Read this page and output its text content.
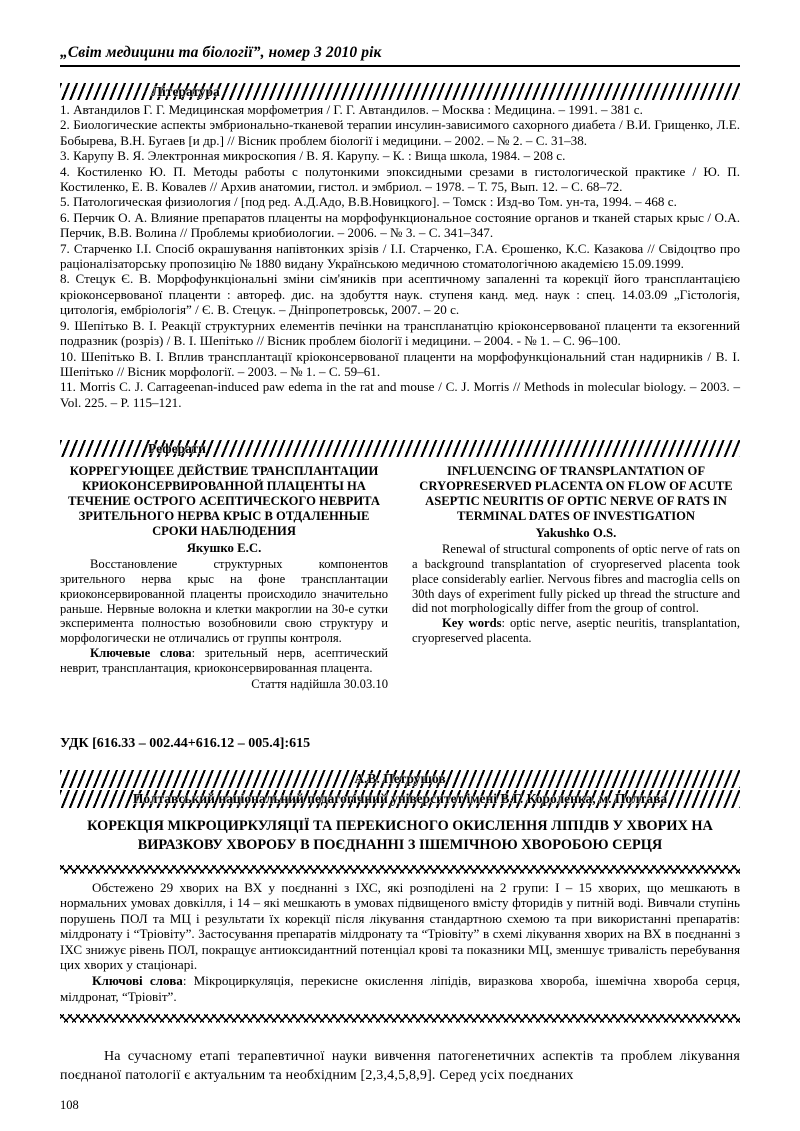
„Світ медицини та біології”, номер 3 2010 рік
Література
1. Автандилов Г. Г. Медицинская морфометрия / Г. Г. Автандилов. – Москва : Медицина. – 1991. – 381 с.
2. Биологические аспекты эмбрионально-тканевой терапии инсулин-зависимого сахорного диабета / В.И. Грищенко, Л.Е. Бобырева, В.Н. Бугаев [и др.] // Вісник проблем біології і медицини. – 2002. – № 2. – С. 31–38.
3. Карупу В. Я. Электронная микроскопия / В. Я. Карупу. – К. : Вища школа, 1984. – 208 с.
4. Костиленко Ю. П. Методы работы с полутонкими эпоксидными срезами в гистологической практике / Ю. П. Костиленко, Е. В. Ковалев // Архив анатомии, гистол. и эмбриол. – 1978. – Т. 75, Вып. 12. – С. 68–72.
5. Патологическая физиология / [под ред. А.Д.Адо, В.В.Новицкого]. – Томск : Изд-во Том. ун-та, 1994. – 468 с.
6. Перчик О. А. Влияние препаратов плаценты на морфофункциональное состояние органов и тканей старых крыс / О.А. Перчик, В.В. Волина // Проблемы криобиологии. – 2006. – № 3. – С. 341–347.
7. Старченко І.І. Спосіб окрашування напівтонких зрізів / І.І. Старченко, Г.А. Єрошенко, К.С. Казакова // Свідоцтво про раціоналізаторську пропозицію № 1880 видану Українською медичною стоматологічною академією 15.09.1999.
8. Стецук Є. В. Морфофункціональні зміни сім'яників при асептичному запаленні та корекції його трансплантацією кріоконсервованої плаценти : автореф. дис. на здобуття наук. ступеня канд. мед. наук : спец. 14.03.09 „Гістологія, цитологія, ембріологія” / Є. В. Стецук. – Дніпропетровськ, 2007. – 20 с.
9. Шепітько В. І. Реакції структурних елементів печінки на транспланатцію кріоконсервованої плаценти та екзогенний подразник (розріз) / В. І. Шепітько // Вісник проблем біології і медицини. – 2004. - № 1. – С. 96–100.
10. Шепітько В. І. Вплив трансплантації кріоконсервованої плаценти на морфофункціональний стан надирників / В. І. Шепітько // Вісник морфології. – 2003. – № 1. – С. 59–61.
11. Morris C. J. Carrageenan-induced paw edema in the rat and mouse / C. J. Morris // Methods in molecular biology. – 2003. – Vol. 225. – P. 115–121.
Реферати
КОРРЕГУЮЩЕЕ ДЕЙСТВИЕ ТРАНСПЛАНТАЦИИ КРИОКОНСЕРВИРОВАННОЙ ПЛАЦЕНТЫ НА ТЕЧЕНИЕ ОСТРОГО АСЕПТИЧЕСКОГО НЕВРИТА ЗРИТЕЛЬНОГО НЕРВА КРЫС В ОТДАЛЕННЫЕ СРОКИ НАБЛЮДЕНИЯ
Якушко Е.С.
Восстановление структурных компонентов зрительного нерва крыс на фоне трансплантации криоконсервированной плаценты происходило значительно раньше. Нервные волокна и клетки макроглии на 30-е сутки эксперимента полностью возобновили свою структуру и морфологически не отличались от группы контроля.
Ключевые слова: зрительный нерв, асептический неврит, трансплантация, криоконсервированная плацента.
Стаття надійшла 30.03.10
INFLUENCING OF TRANSPLANTATION OF CRYOPRESERVED PLACENTA ON FLOW OF ACUTE ASEPTIC NEURITIS OF OPTIC NERVE OF RATS IN TERMINAL DATES OF INVESTIGATION
Yakushko O.S.
Renewal of structural components of optic nerve of rats on a background transplantation of cryopreserved placenta took place considerably earlier. Nervous fibres and macroglia cells on 30th days of experiment fully picked up thread the structure and did not morphologically differ from the group of control.
Key words: optic nerve, aseptic neuritis, transplantation, cryopreserved placenta.
УДК [616.33 – 002.44+616.12 – 005.4]:615
А.В. Петрушов
Полтавський національний педагогічний університет імені В.Г. Короленка, м. Полтава
КОРЕКЦІЯ МІКРОЦИРКУЛЯЦІЇ ТА ПЕРЕКИСНОГО ОКИСЛЕННЯ ЛІПІДІВ У ХВОРИХ НА ВИРАЗКОВУ ХВОРОБУ В ПОЄДНАННІ З ІШЕМІЧНОЮ ХВОРОБОЮ СЕРЦЯ
Обстежено 29 хворих на ВХ у поєднанні з ІХС, які розподілені на 2 групи: І – 15 хворих, що мешкають в нормальних умовах довкілля, і 14 – які мешкають в умовах підвищеного вмісту фторидів у питній воді. Вивчали ступінь порушень ПОЛ та МЦ і результати їх корекції після лікування стандартною схемою та при використанні препаратів: мілдронату і “Тріовіту”. Застосування препаратів мілдронату та “Тріовіту” в схемі лікування хворих на ВХ в поєднанні з ІХС знижує рівень ПОЛ, покращує антиоксидантний потенціал крові та показники МЦ, зменшує тривалість перебування цих хворих у стаціонарі.
Ключові слова: Мікроциркуляція, перекисне окислення ліпідів, виразкова хвороба, ішемічна хвороба серця, мілдронат, “Тріовіт”.
На сучасному етапі терапевтичної науки вивчення патогенетичних аспектів та проблем лікування поєднаної патології є актуальним та необхідним [2,3,4,5,8,9]. Серед усіх поєднаних
108
